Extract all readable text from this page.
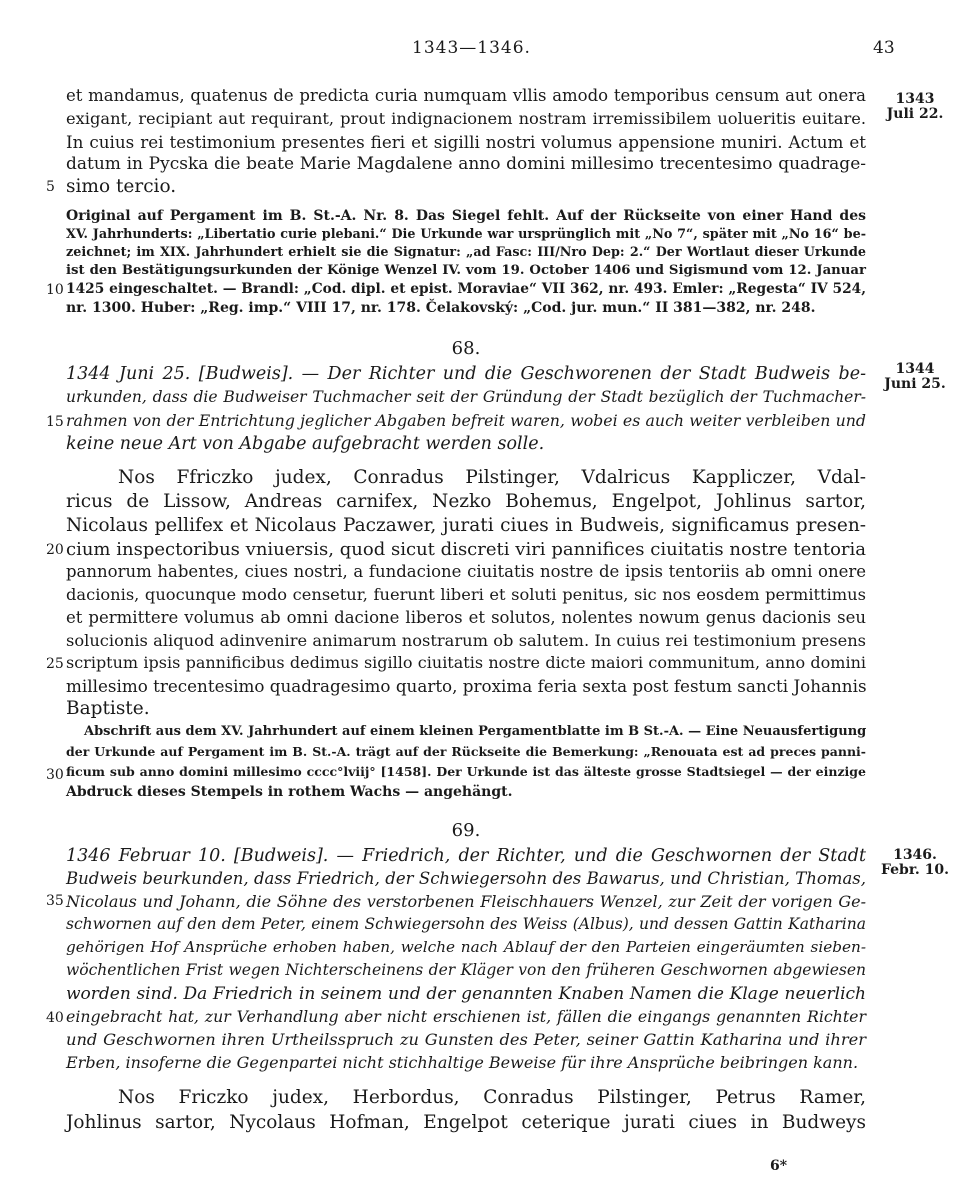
1343—1346.	43
1343
Juli 22.
1344
Juni 25.
1346.
Febr. 10.
5
10
15
20
25
30
35
40
et mandamus, quatenus de predicta curia numquam vllis amodo temporibus censum aut onera
exigant, recipiant aut requirant, prout indignacionem nostram irremissibilem uolueritis euitare.
In cuius rei testimonium presentes fieri et sigilli nostri volumus appensione muniri. Actum et
datum in Pycska die beate Marie Magdalene anno domini millesimo trecentesimo quadrage-
simo tercio.
Original auf Pergament im B. St.-A. Nr. 8. Das Siegel fehlt. Auf der Rückseite von einer Hand des
XV. Jahrhunderts: „Libertatio curie plebani.“ Die Urkunde war ursprünglich mit „No 7“, später mit „No 16“ be-
zeichnet; im XIX. Jahrhundert erhielt sie die Signatur: „ad Fasc: III/Nro Dep: 2.“ Der Wortlaut dieser Urkunde
ist den Bestätigungsurkunden der Könige Wenzel IV. vom 19. October 1406 und Sigismund vom 12. Januar
1425 eingeschaltet. — Brandl: „Cod. dipl. et epist. Moraviae“ VII 362, nr. 493. Emler: „Regesta“ IV 524,
nr. 1300. Huber: „Reg. imp.“ VIII 17, nr. 178. Čelakovský: „Cod. jur. mun.“ II 381—382, nr. 248.
68.
1344 Juni 25. [Budweis]. — Der Richter und die Geschworenen der Stadt Budweis be-
urkunden, dass die Budweiser Tuchmacher seit der Gründung der Stadt bezüglich der Tuchmacher-
rahmen von der Entrichtung jeglicher Abgaben befreit waren, wobei es auch weiter verbleiben und
keine neue Art von Abgabe aufgebracht werden solle.
Nos Ffriczko judex, Conradus Pilstinger, Vdalricus Kappliczer, Vdal-
ricus de Lissow, Andreas carnifex, Nezko Bohemus, Engelpot, Johlinus sartor,
Nicolaus pellifex et Nicolaus Paczawer, jurati ciues in Budweis, significamus presen-
cium inspectoribus vniuersis, quod sicut discreti viri pannifices ciuitatis nostre tentoria
pannorum habentes, ciues nostri, a fundacione ciuitatis nostre de ipsis tentoriis ab omni onere
dacionis, quocunque modo censetur, fuerunt liberi et soluti penitus, sic nos eosdem permittimus
et permittere volumus ab omni dacione liberos et solutos, nolentes nowum genus dacionis seu
solucionis aliquod adinvenire animarum nostrarum ob salutem. In cuius rei testimonium presens
scriptum ipsis pannificibus dedimus sigillo ciuitatis nostre dicte maiori communitum, anno domini
millesimo trecentesimo quadragesimo quarto, proxima feria sexta post festum sancti Johannis
Baptiste.
Abschrift aus dem XV. Jahrhundert auf einem kleinen Pergamentblatte im B St.-A. — Eine Neuausfertigung
der Urkunde auf Pergament im B. St.-A. trägt auf der Rückseite die Bemerkung: „Renouata est ad preces panni-
ficum sub anno domini millesimo cccc°lviij° [1458]. Der Urkunde ist das älteste grosse Stadtsiegel — der einzige
Abdruck dieses Stempels in rothem Wachs — angehängt.
69.
1346 Februar 10. [Budweis]. — Friedrich, der Richter, und die Geschwornen der Stadt
Budweis beurkunden, dass Friedrich, der Schwiegersohn des Bawarus, und Christian, Thomas,
Nicolaus und Johann, die Söhne des verstorbenen Fleischhauers Wenzel, zur Zeit der vorigen Ge-
schwornen auf den dem Peter, einem Schwiegersohn des Weiss (Albus), und dessen Gattin Katharina
gehörigen Hof Ansprüche erhoben haben, welche nach Ablauf der den Parteien eingeräumten sieben-
wöchentlichen Frist wegen Nichterscheinens der Kläger von den früheren Geschwornen abgewiesen
worden sind. Da Friedrich in seinem und der genannten Knaben Namen die Klage neuerlich
eingebracht hat, zur Verhandlung aber nicht erschienen ist, fällen die eingangs genannten Richter
und Geschwornen ihren Urtheilsspruch zu Gunsten des Peter, seiner Gattin Katharina und ihrer
Erben, insoferne die Gegenpartei nicht stichhaltige Beweise für ihre Ansprüche beibringen kann.
Nos Friczko judex, Herbordus, Conradus Pilstinger, Petrus Ramer,
Johlinus sartor, Nycolaus Hofman, Engelpot ceterique jurati ciues in Budweys
6*
